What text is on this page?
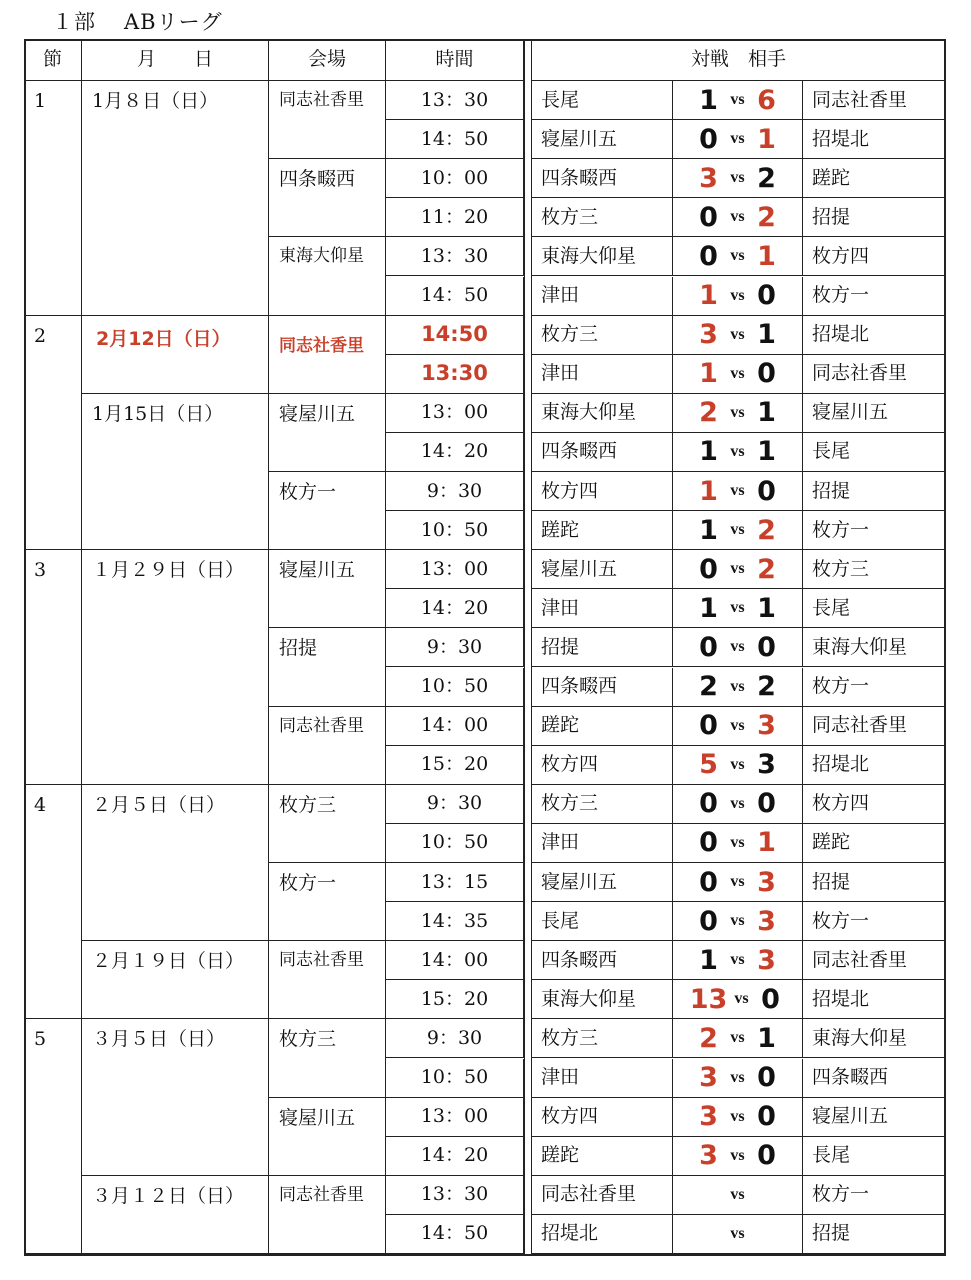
１部 ABリーグ
節	月　　日	会場	時間	対戦　相手
1	1月８日（日）	同志社香里	13：30	長尾	1 vs 6	同志社香里
14：50	寝屋川五	0 vs 1	招堤北
四条畷西	10：00	四条畷西	3 vs 2	蹉跎
11：20	枚方三	0 vs 2	招提
東海大仰星	13：30	東海大仰星 0 vs 1	枚方四
14：50	津田	1 vs 0	枚方一
2	2月12日（日）	同志社香里	14:50	枚方三	3 vs 1	招堤北
13:30	津田	1 vs 0	同志社香里
1月15日（日）	寝屋川五	13：00	東海大仰星 2 vs 1	寝屋川五
14：20	四条畷西	1 vs 1	長尾
枚方一	9：30	枚方四	1 vs 0	招提
10：50	蹉跎	1 vs 2	枚方一
3	１月２９日（日）	寝屋川五	13：00	寝屋川五	0 vs 2	枚方三
14：20	津田	1 vs 1	長尾
招提	9：30	招提	0 vs 0	東海大仰星
10：50	四条畷西	2 vs 2	枚方一
同志社香里	14：00	蹉跎	0 vs 3	同志社香里
15：20	枚方四	5 vs 3	招堤北
4	２月５日（日）	枚方三	9：30	枚方三	0 vs 0	枚方四
10：50	津田	0 vs 1	蹉跎
枚方一	13：15	寝屋川五	0 vs 3	招提
14：35	長尾	0 vs 3	枚方一
２月１９日（日）	同志社香里	14：00	四条畷西	1 vs 3	同志社香里
15：20	東海大仰星 13 vs 0	招堤北
5	３月５日（日）	枚方三	9：30	枚方三	2 vs 1	東海大仰星
10：50	津田	3 vs 0	四条畷西
寝屋川五	13：00	枚方四	3 vs 0	寝屋川五
14：20	蹉跎	3 vs 0	長尾
３月１２日（日）	同志社香里	13：30	同志社香里	vs	枚方一
14：50	招堤北	vs	招提
